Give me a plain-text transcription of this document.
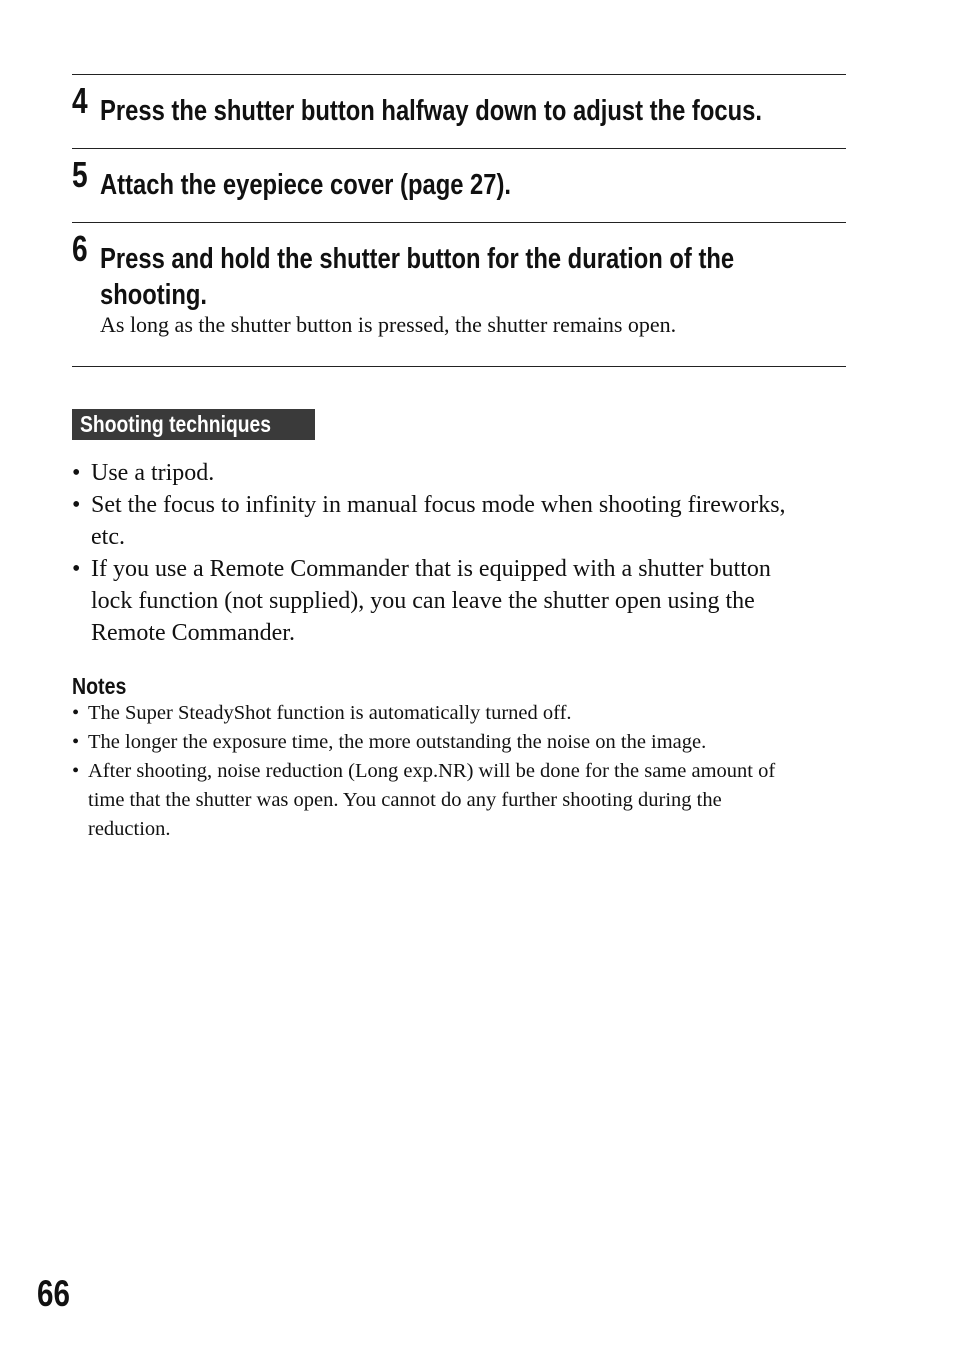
4 Press the shutter button halfway down to adjust the focus.
5 Attach the eyepiece cover (page 27).
6 Press and hold the shutter button for the duration of the
shooting.
As long as the shutter button is pressed, the shutter remains open.
Shooting techniques
• Use a tripod.
• Set the focus to infinity in manual focus mode when shooting fireworks,
etc.
• If you use a Remote Commander that is equipped with a shutter button
lock function (not supplied), you can leave the shutter open using the
Remote Commander.
Notes
• The Super SteadyShot function is automatically turned off.
• The longer the exposure time, the more outstanding the noise on the image.
• After shooting, noise reduction (Long exp.NR) will be done for the same amount of
time that the shutter was open. You cannot do any further shooting during the
reduction.
66
